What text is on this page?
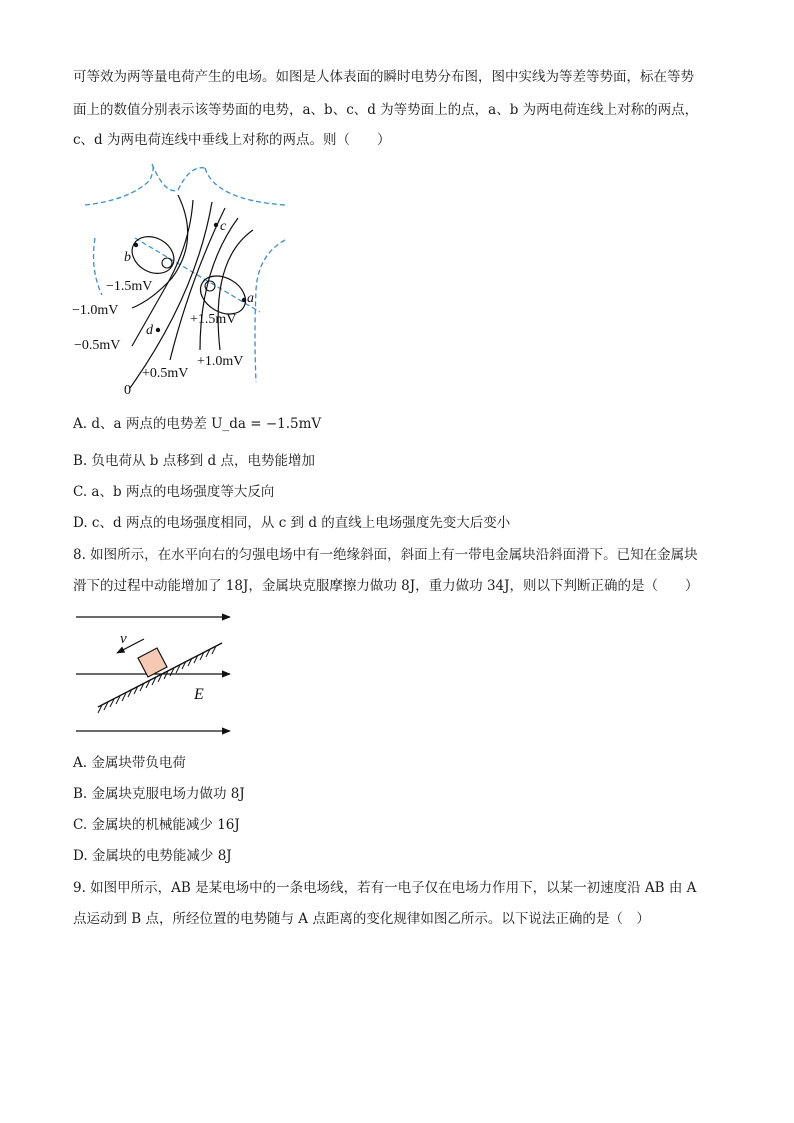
可等效为两等量电荷产生的电场。如图是人体表面的瞬时电势分布图，图中实线为等差等势面，标在等势
面上的数值分别表示该等势面的电势，a、b、c、d 为等势面上的点，a、b 为两电荷连线上对称的两点，
c、d 为两电荷连线中垂线上对称的两点。则（　　）
c
b
a
d
−1.5mV
−1.0mV
−0.5mV
+1.5mV
+1.0mV
+0.5mV
0
A. d、a 两点的电势差 U_da = −1.5mV
B. 负电荷从 b 点移到 d 点，电势能增加
C. a、b 两点的电场强度等大反向
D. c、d 两点的电场强度相同，从 c 到 d 的直线上电场强度先变大后变小
8. 如图所示，在水平向右的匀强电场中有一绝缘斜面，斜面上有一带电金属块沿斜面滑下。已知在金属块
滑下的过程中动能增加了 18J，金属块克服摩擦力做功 8J，重力做功 34J，则以下判断正确的是（　　）
v
E
A. 金属块带负电荷
B. 金属块克服电场力做功 8J
C. 金属块的机械能减少 16J
D. 金属块的电势能减少 8J
9. 如图甲所示，AB 是某电场中的一条电场线，若有一电子仅在电场力作用下，以某一初速度沿 AB 由 A
点运动到 B 点，所经位置的电势随与 A 点距离的变化规律如图乙所示。以下说法正确的是（　）
